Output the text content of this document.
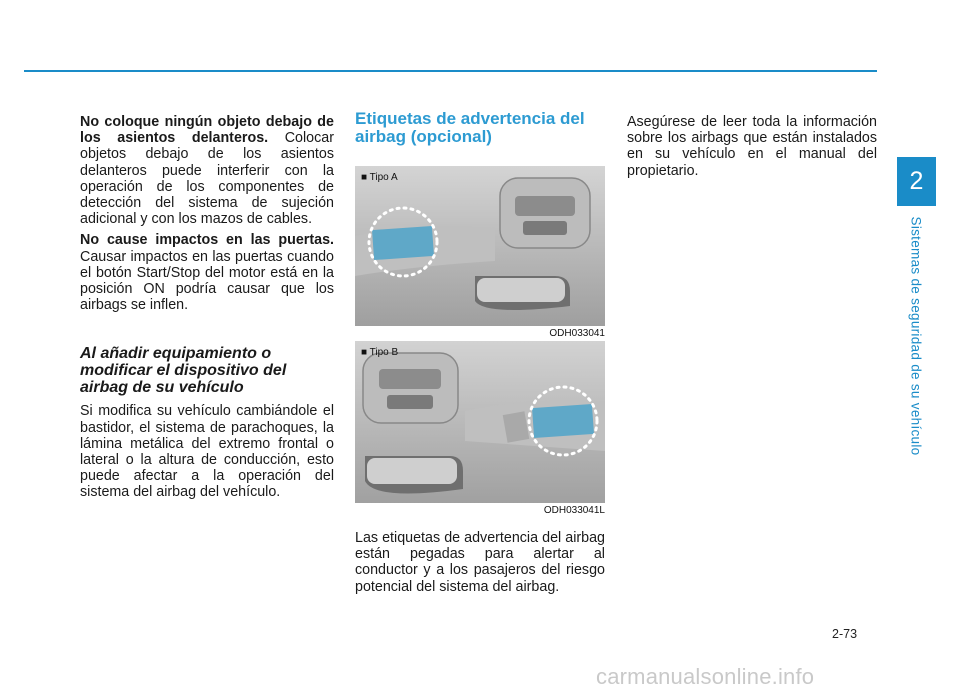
2
Sistemas de seguridad de su vehículo

No coloque ningún objeto debajo de los asientos delanteros. Colocar objetos debajo de los asientos delanteros puede interferir con la operación de los componentes de detección del sistema de sujeción adicional y con los mazos de cables.

No cause impactos en las puertas. Causar impactos en las puertas cuando el botón Start/Stop del motor está en la posición ON podría causar que los airbags se inflen.

Al añadir equipamiento o modificar el dispositivo del airbag de su vehículo

Si modifica su vehículo cambiándole el bastidor, el sistema de parachoques, la lámina metálica del extremo frontal o lateral o la altura de conducción, esto puede afectar a la operación del sistema del airbag del vehículo.

Etiquetas de advertencia del airbag (opcional)
■ Tipo A
ODH033041
■ Tipo B
ODH033041L

Las etiquetas de advertencia del airbag están pegadas para alertar al conductor y a los pasajeros del riesgo potencial del sistema del airbag.

Asegúrese de leer toda la información sobre los airbags que están instalados en su vehículo en el manual del propietario.

2-73
carmanualsonline.info
